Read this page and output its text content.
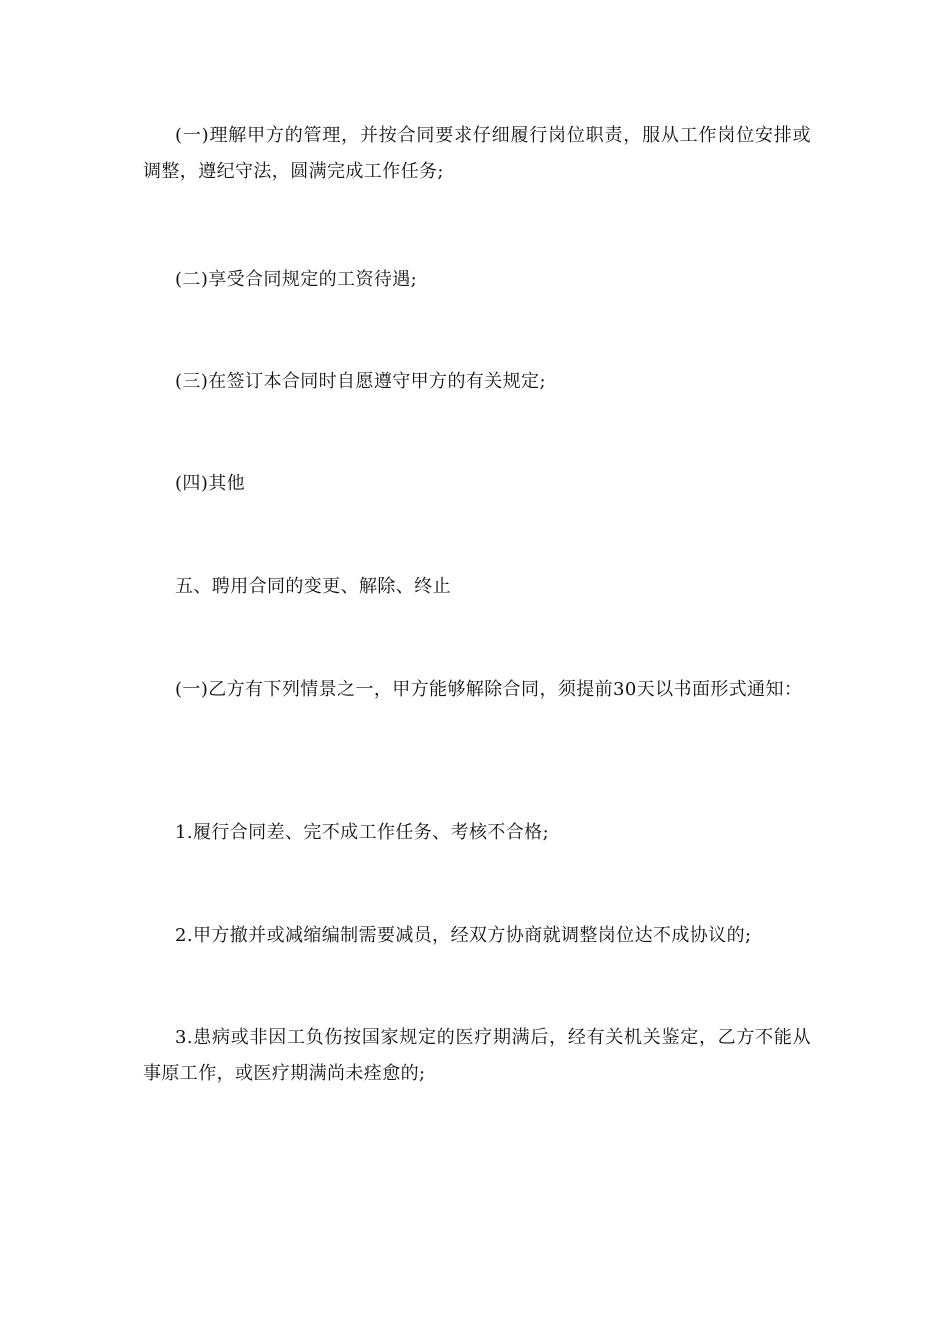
(一)理解甲方的管理，并按合同要求仔细履行岗位职责，服从工作岗位安排或调整，遵纪守法，圆满完成工作任务;

(二)享受合同规定的工资待遇;

(三)在签订本合同时自愿遵守甲方的有关规定;

(四)其他

五、聘用合同的变更、解除、终止

(一)乙方有下列情景之一，甲方能够解除合同，须提前30天以书面形式通知：

1.履行合同差、完不成工作任务、考核不合格;

2.甲方撤并或减缩编制需要减员，经双方协商就调整岗位达不成协议的;

3.患病或非因工负伤按国家规定的医疗期满后，经有关机关鉴定，乙方不能从事原工作，或医疗期满尚未痊愈的;
